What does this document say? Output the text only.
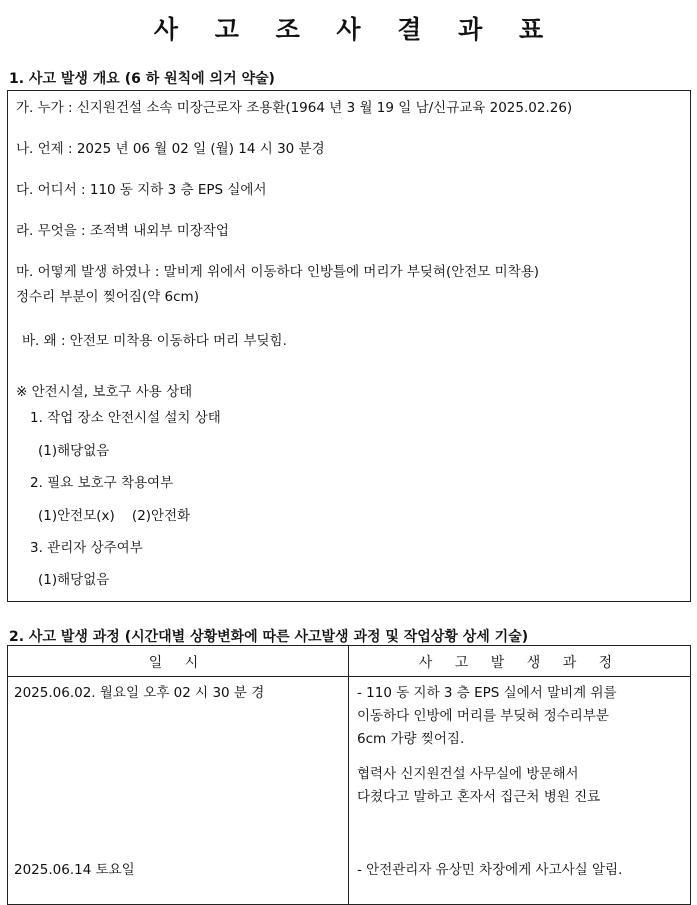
사 고 조 사 결 과 표
1. 사고 발생 개요 (6 하 원칙에 의거 약술)
가. 누가 : 신지원건설 소속 미장근로자 조용환(1964 년 3 월 19 일 남/신규교육 2025.02.26)
나. 언제 : 2025 년 06 월 02 일 (월) 14 시 30 분경
다. 어디서 : 110 동 지하 3 층 EPS 실에서
라. 무엇을 : 조적벽 내외부 미장작업
마. 어떻게 발생 하였나 : 말비게 위에서 이동하다 인방틀에 머리가 부딪혀(안전모 미착용)
정수리 부분이 찢어짐(약 6cm)
바. 왜 : 안전모 미착용 이동하다 머리 부딪힘.
※ 안전시설, 보호구 사용 상태
1. 작업 장소 안전시설 설치 상태
(1)해당없음
2. 필요 보호구 착용여부
(1)안전모(x)    (2)안전화
3. 관리자 상주여부
(1)해당없음
2. 사고 발생 과정 (시간대별 상황변화에 따른 사고발생 과정 및 작업상황 상세 기술)
일 시	사 고 발 생 과 정
2025.06.02. 월요일 오후 02 시 30 분 경	- 110 동 지하 3 층 EPS 실에서 말비계 위를
이동하다 인방에 머리를 부딪혀 정수리부분
6cm 가량 찢어짐.
협력사 신지원건설 사무실에 방문해서
다쳤다고 말하고 혼자서 집근처 병원 진료
2025.06.14 토요일	- 안전관리자 유상민 차장에게 사고사실 알림.
